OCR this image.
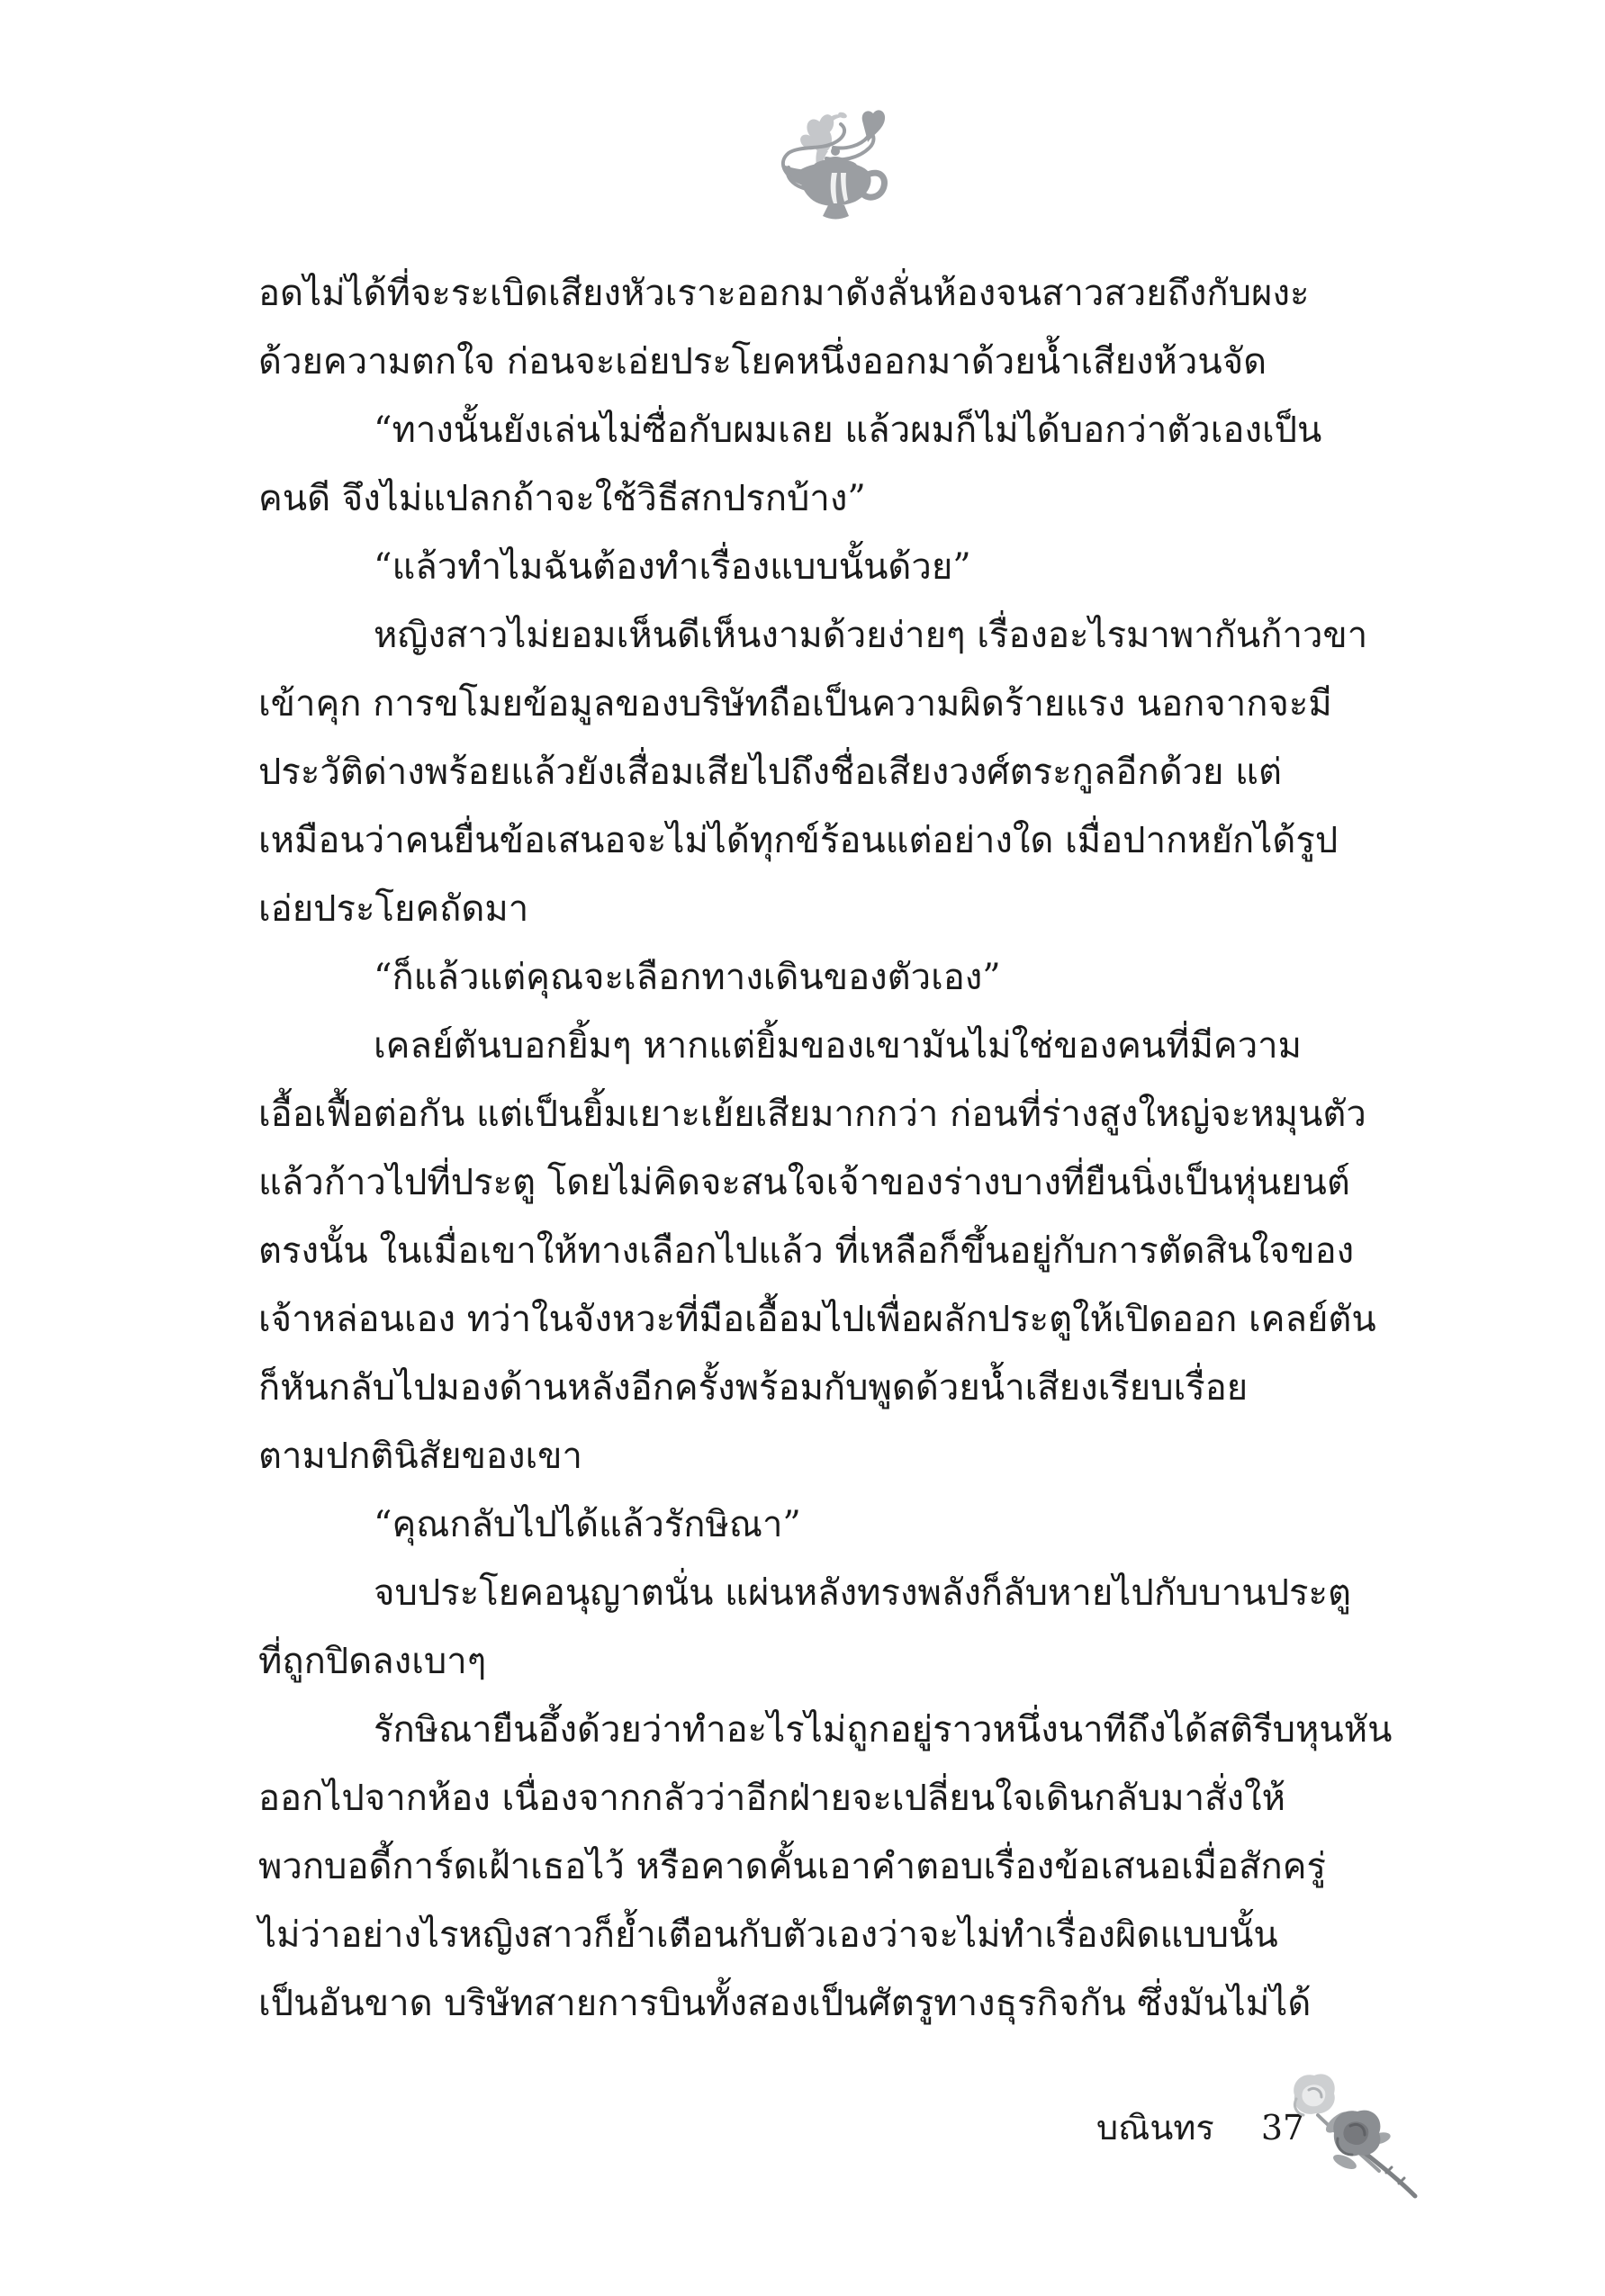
อดไม่ได้ที่จะระเบิดเสียงหัวเราะออกมาดังลั่นห้องจนสาวสวยถึงกับผงะ
ด้วยความตกใจ ก่อนจะเอ่ยประโยคหนึ่งออกมาด้วยน้ำเสียงห้วนจัด
“ทางนั้นยังเล่นไม่ซื่อกับผมเลย แล้วผมก็ไม่ได้บอกว่าตัวเองเป็น
คนดี จึงไม่แปลกถ้าจะใช้วิธีสกปรกบ้าง”
“แล้วทำไมฉันต้องทำเรื่องแบบนั้นด้วย”
หญิงสาวไม่ยอมเห็นดีเห็นงามด้วยง่ายๆ เรื่องอะไรมาพากันก้าวขา
เข้าคุก การขโมยข้อมูลของบริษัทถือเป็นความผิดร้ายแรง นอกจากจะมี
ประวัติด่างพร้อยแล้วยังเสื่อมเสียไปถึงชื่อเสียงวงศ์ตระกูลอีกด้วย แต่
เหมือนว่าคนยื่นข้อเสนอจะไม่ได้ทุกข์ร้อนแต่อย่างใด เมื่อปากหยักได้รูป
เอ่ยประโยคถัดมา
“ก็แล้วแต่คุณจะเลือกทางเดินของตัวเอง”
เคลย์ตันบอกยิ้มๆ หากแต่ยิ้มของเขามันไม่ใช่ของคนที่มีความ
เอื้อเฟื้อต่อกัน แต่เป็นยิ้มเยาะเย้ยเสียมากกว่า ก่อนที่ร่างสูงใหญ่จะหมุนตัว
แล้วก้าวไปที่ประตู โดยไม่คิดจะสนใจเจ้าของร่างบางที่ยืนนิ่งเป็นหุ่นยนต์
ตรงนั้น ในเมื่อเขาให้ทางเลือกไปแล้ว ที่เหลือก็ขึ้นอยู่กับการตัดสินใจของ
เจ้าหล่อนเอง ทว่าในจังหวะที่มือเอื้อมไปเพื่อผลักประตูให้เปิดออก เคลย์ตัน
ก็หันกลับไปมองด้านหลังอีกครั้งพร้อมกับพูดด้วยน้ำเสียงเรียบเรื่อย
ตามปกตินิสัยของเขา
“คุณกลับไปได้แล้วรักษิณา”
จบประโยคอนุญาตนั่น แผ่นหลังทรงพลังก็ลับหายไปกับบานประตู
ที่ถูกปิดลงเบาๆ
รักษิณายืนอึ้งด้วยว่าทำอะไรไม่ถูกอยู่ราวหนึ่งนาทีถึงได้สติรีบหุนหัน
ออกไปจากห้อง เนื่องจากกลัวว่าอีกฝ่ายจะเปลี่ยนใจเดินกลับมาสั่งให้
พวกบอดี้การ์ดเฝ้าเธอไว้ หรือคาดคั้นเอาคำตอบเรื่องข้อเสนอเมื่อสักครู่
ไม่ว่าอย่างไรหญิงสาวก็ย้ำเตือนกับตัวเองว่าจะไม่ทำเรื่องผิดแบบนั้น
เป็นอันขาด บริษัทสายการบินทั้งสองเป็นศัตรูทางธุรกิจกัน ซึ่งมันไม่ได้
บณินทร 37
